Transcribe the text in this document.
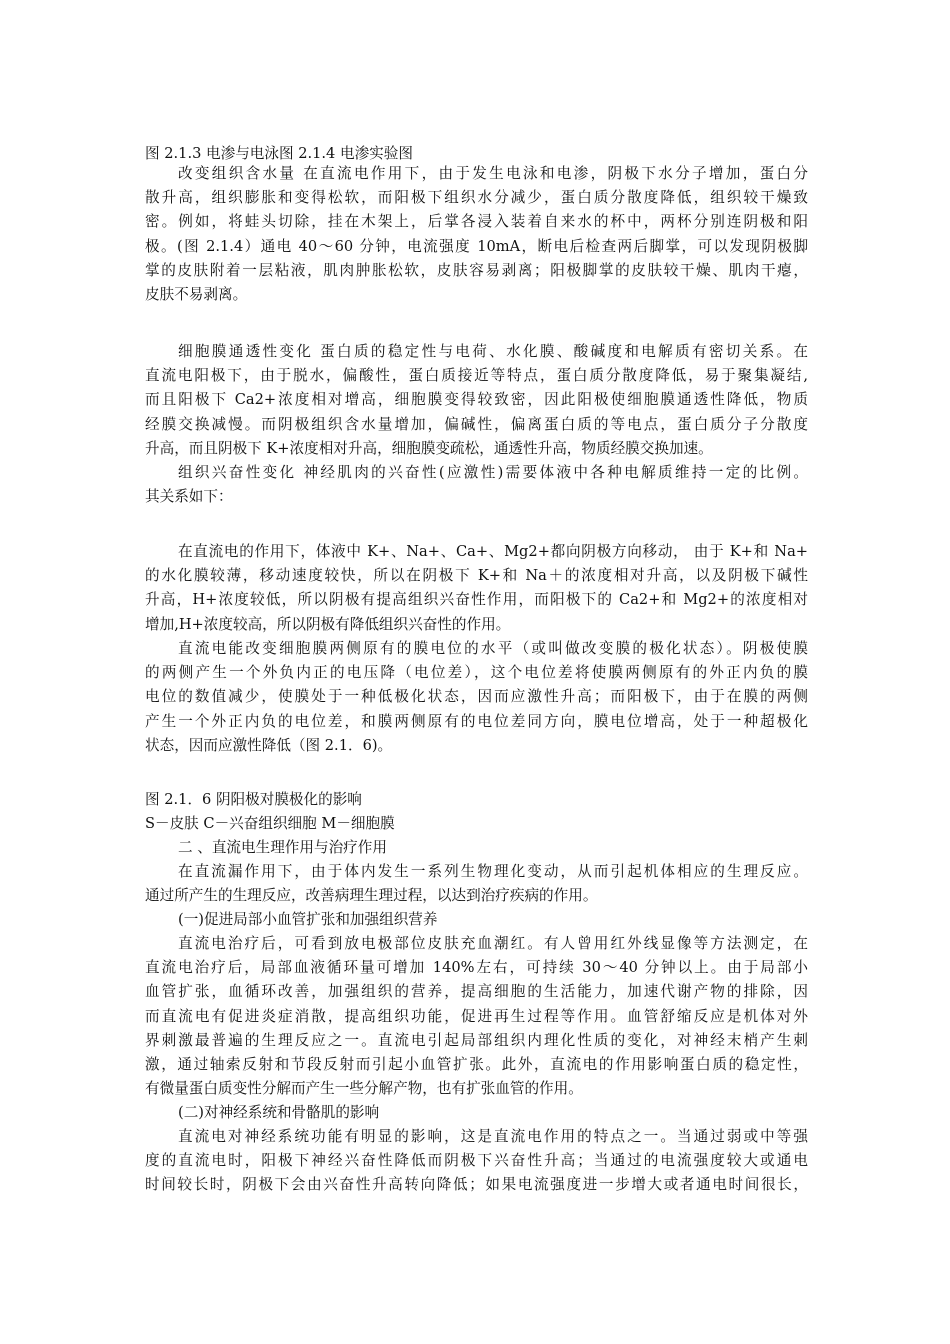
图 2.1.3 电渗与电泳图 2.1.4 电渗实验图
改变组织含水量 在直流电作用下，由于发生电泳和电渗，阴极下水分子增加，蛋白分
散升高，组织膨胀和变得松软，而阳极下组织水分减少，蛋白质分散度降低，组织较干燥致
密。例如，将蛙头切除，挂在木架上，后掌各浸入装着自来水的杯中，两杯分别连阴极和阳
极。(图 2.1.4）通电 40～60 分钟，电流强度 10mA，断电后检查两后脚掌，可以发现阴极脚
掌的皮肤附着一层粘液，肌肉肿胀松软，皮肤容易剥离；阳极脚掌的皮肤较干燥、肌肉干瘪，
皮肤不易剥离。
细胞膜通透性变化 蛋白质的稳定性与电荷、水化膜、酸碱度和电解质有密切关系。在
直流电阳极下，由于脱水，偏酸性，蛋白质接近等特点，蛋白质分散度降低，易于聚集凝结,
而且阳极下 Ca2+浓度相对增高，细胞膜变得较致密，因此阳极使细胞膜通透性降低，物质
经膜交换减慢。而阴极组织含水量增加，偏碱性，偏离蛋白质的等电点，蛋白质分子分散度
升高，而且阴极下 K+浓度相对升高，细胞膜变疏松，通透性升高，物质经膜交换加速。
组织兴奋性变化 神经肌肉的兴奋性(应激性)需要体液中各种电解质维持一定的比例。
其关系如下：
在直流电的作用下，体液中 K+、Na+、Ca+、Mg2+都向阴极方向移动， 由于 K+和 Na+
的水化膜较薄，移动速度较快，所以在阴极下 K+和 Na＋的浓度相对升高，以及阴极下碱性
升高，H+浓度较低，所以阴极有提高组织兴奋性作用，而阳极下的 Ca2+和 Mg2+的浓度相对
增加,H+浓度较高，所以阴极有降低组织兴奋性的作用。
直流电能改变细胞膜两侧原有的膜电位的水平（或叫做改变膜的极化状态）。阴极使膜
的两侧产生一个外负内正的电压降（电位差），这个电位差将使膜两侧原有的外正内负的膜
电位的数值减少，使膜处于一种低极化状态，因而应激性升高；而阳极下，由于在膜的两侧
产生一个外正内负的电位差，和膜两侧原有的电位差同方向，膜电位增高，处于一种超极化
状态，因而应激性降低（图 2.1．6)。
图 2.1．6 阴阳极对膜极化的影响
S－皮肤 C－兴奋组织细胞 M－细胞膜
二 、直流电生理作用与治疗作用
在直流漏作用下，由于体内发生一系列生物理化变动，从而引起机体相应的生理反应。
通过所产生的生理反应，改善病理生理过程，以达到治疗疾病的作用。
(一)促进局部小血管扩张和加强组织营养
直流电治疗后，可看到放电极部位皮肤充血潮红。有人曾用红外线显像等方法测定，在
直流电治疗后，局部血液循环量可增加 140%左右，可持续 30～40 分钟以上。由于局部小
血管扩张，血循环改善，加强组织的营养，提高细胞的生活能力，加速代谢产物的排除，因
而直流电有促进炎症消散，提高组织功能，促进再生过程等作用。血管舒缩反应是机体对外
界刺激最普遍的生理反应之一。直流电引起局部组织内理化性质的变化，对神经末梢产生刺
激，通过轴索反射和节段反射而引起小血管扩张。此外，直流电的作用影响蛋白质的稳定性，
有微量蛋白质变性分解而产生一些分解产物，也有扩张血管的作用。
(二)对神经系统和骨骼肌的影响
直流电对神经系统功能有明显的影响，这是直流电作用的特点之一。当通过弱或中等强
度的直流电时，阳极下神经兴奋性降低而阴极下兴奋性升高；当通过的电流强度较大或通电
时间较长时，阴极下会由兴奋性升高转向降低；如果电流强度进一步增大或者通电时间很长，
